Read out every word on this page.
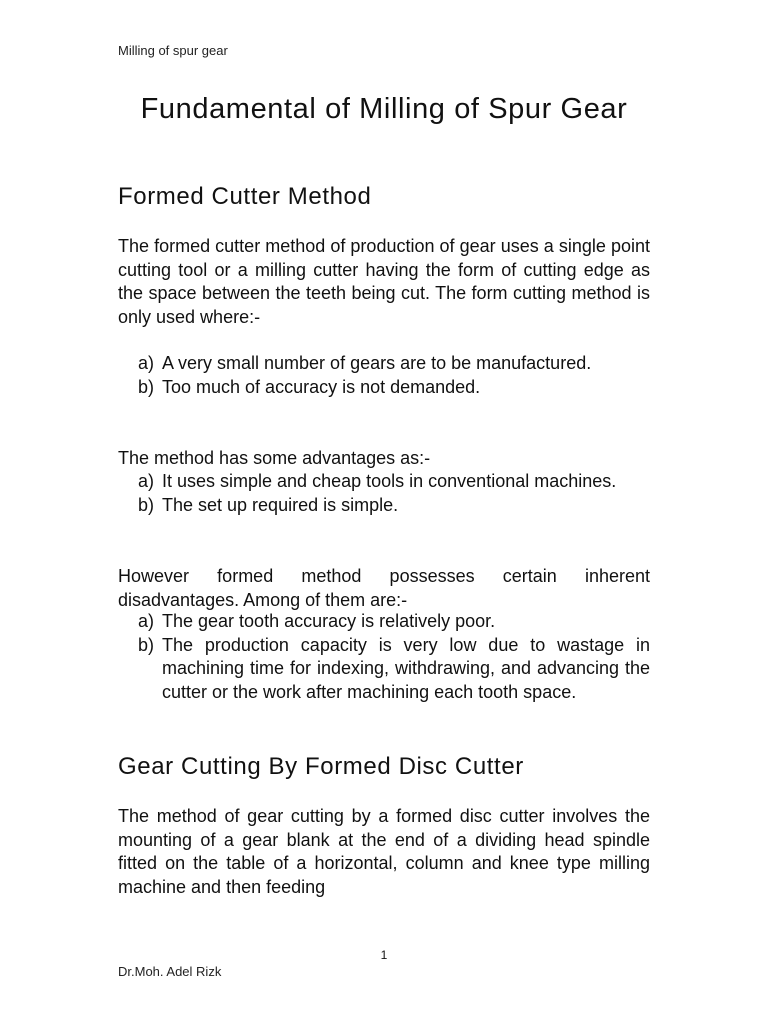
Milling of spur gear
Fundamental of Milling of Spur Gear
Formed Cutter Method

The formed cutter method of production of gear uses a single point cutting tool or a milling cutter having the form of cutting edge as the space between the teeth being cut. The form cutting method is only used where:-

a) A very small number of gears are to be manufactured.
b) Too much of accuracy is not demanded.

The method has some advantages as:-

a) It uses simple and cheap tools in conventional machines.
b) The set up required is simple.

However formed method possesses certain inherent disadvantages. Among of them are:-

a) The gear tooth accuracy is relatively poor.
b) The production capacity is very low due to wastage in machining time for indexing, withdrawing, and advancing the cutter or the work after machining each tooth space.
Gear Cutting By Formed Disc Cutter

The method of gear cutting by a formed disc cutter involves the mounting of a gear blank at the end of a dividing head spindle fitted on the table of a horizontal, column and knee type milling machine and then feeding

1
Dr.Moh. Adel Rizk
